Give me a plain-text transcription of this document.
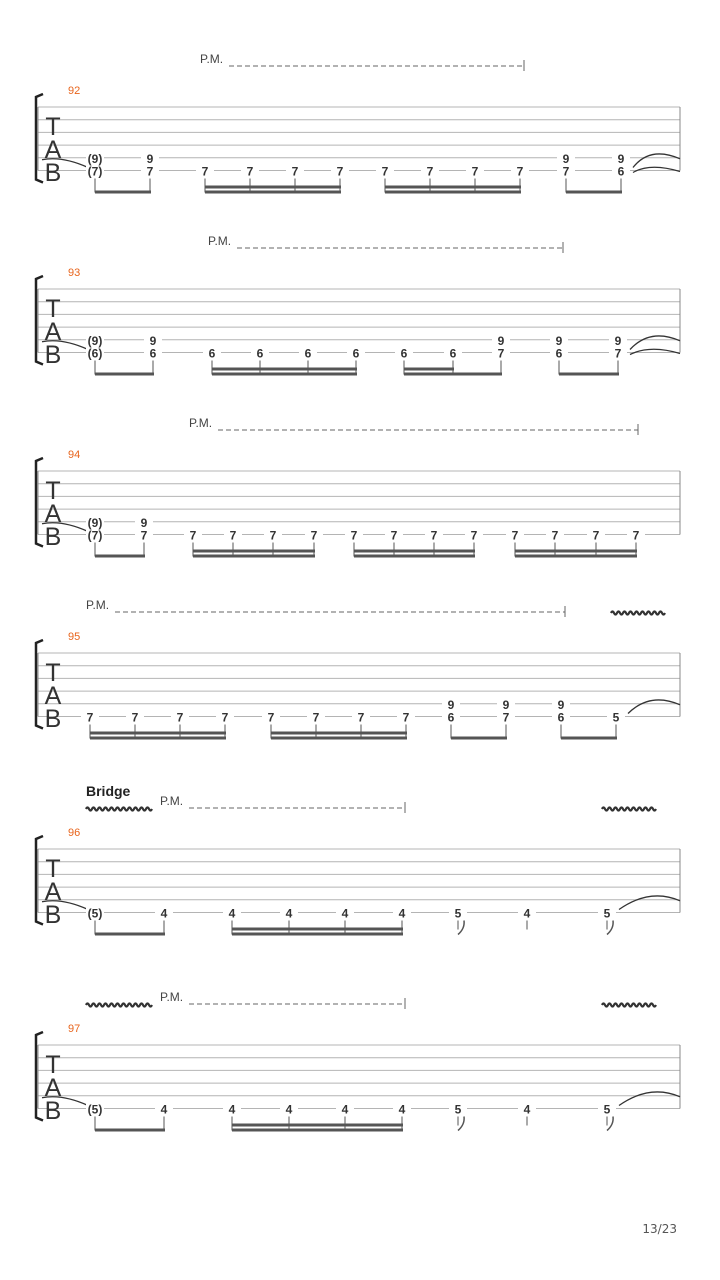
T
A
B
92
P.M.
(9)
(7)
9
7	7	7	7	7	7	7	7	7
9
7
9
6
T
A
B
93
P.M.
(9)
(6)
9
6	6	6	6	6	6	6
9
7
9
6
9
7
T
A
B
94
P.M.
(9)
(7)
9
7	7	7	7	7	7	7	7	7	7	7	7	7
T
A
B
95
P.M.
7	7	7	7	7	7	7	7
9
6
9
7
9
6	5
T
A
B
96
P.M.
Bridge
(5)	4	4	4	4	4	5	4	5
T
A
B
97
P.M.
(5)	4	4	4	4	4	5	4	5
13/23
